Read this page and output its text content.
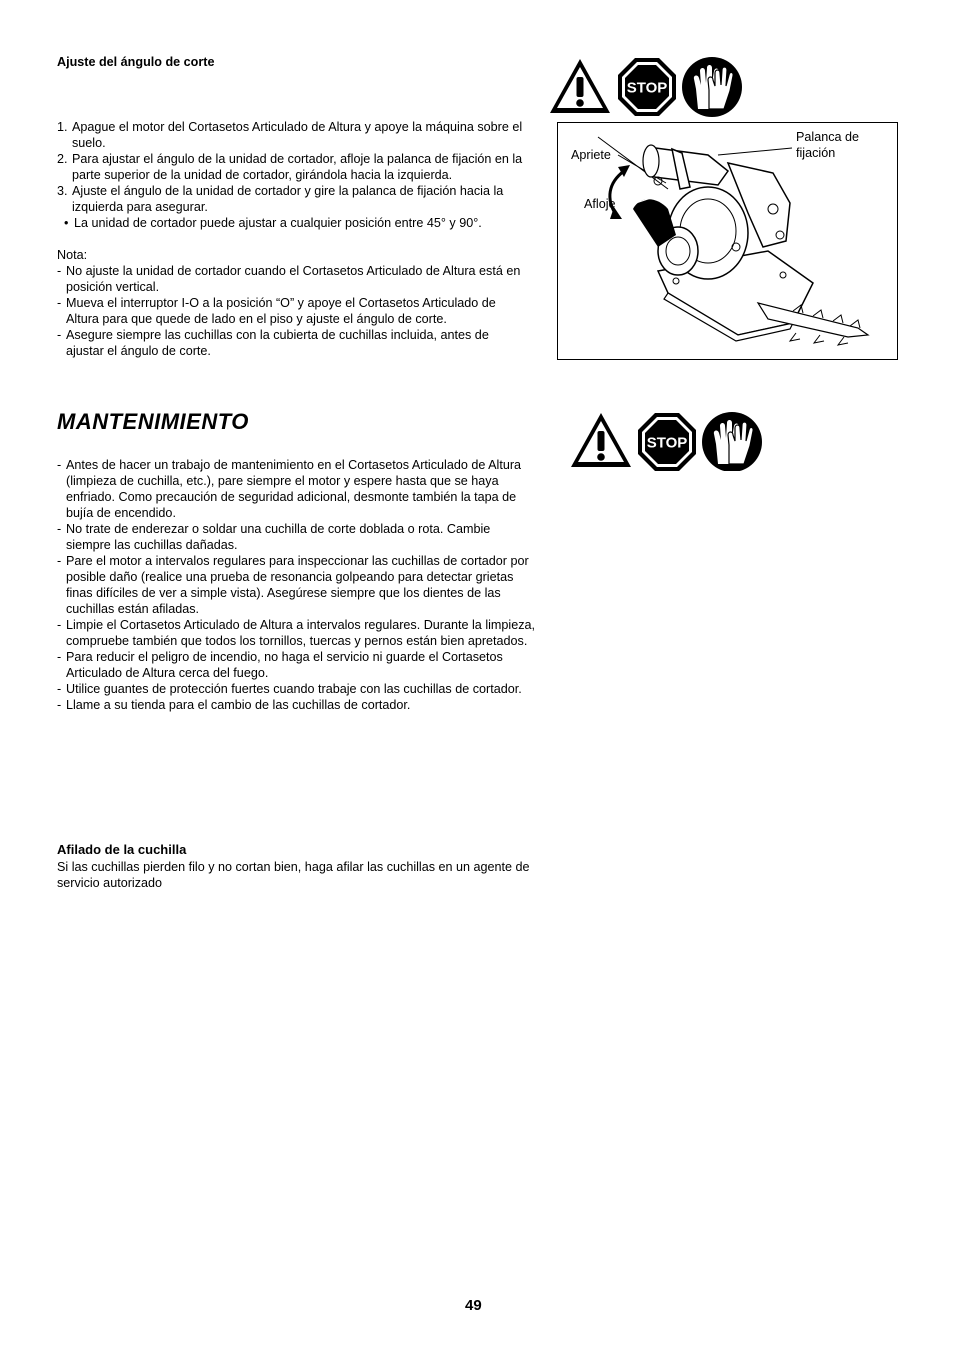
Ajuste del ángulo de corte
1. Apague el motor del Cortasetos Articulado de Altura y apoye la máquina sobre el suelo.
2. Para ajustar el ángulo de la unidad de cortador, afloje la palanca de fijación en la parte superior de la unidad de cortador, girándola hacia la izquierda.
3. Ajuste el ángulo de la unidad de cortador y gire la palanca de fijación hacia la izquierda para asegurar.
• La unidad de cortador puede ajustar a cualquier posición entre 45° y 90°.
Nota:
- No ajuste la unidad de cortador cuando el Cortasetos Articulado de Altura está en posición vertical.
- Mueva el interruptor I-O a la posición “O” y apoye el Cortasetos Articulado de Altura para que quede de lado en el piso y ajuste el ángulo de corte.
- Asegure siempre las cuchillas con la cubierta de cuchillas incluida, antes de ajustar el ángulo de corte.
STOP
Apriete
Afloje
Palanca de
fijación
MANTENIMIENTO
STOP
- Antes de hacer un trabajo de mantenimiento en el Cortasetos Articulado de Altura (limpieza de cuchilla, etc.), pare siempre el motor y espere hasta que se haya enfriado. Como precaución de seguridad adicional, desmonte también la tapa de bujía de encendido.
- No trate de enderezar o soldar una cuchilla de corte doblada o rota. Cambie siempre las cuchillas dañadas.
- Pare el motor a intervalos regulares para inspeccionar las cuchillas de cortador por posible daño (realice una prueba de resonancia golpeando para detectar grietas finas difíciles de ver a simple vista). Asegúrese siempre que los dientes de las cuchillas están afiladas.
- Limpie el Cortasetos Articulado de Altura a intervalos regulares. Durante la limpieza, compruebe también que todos los tornillos, tuercas y pernos están bien apretados.
- Para reducir el peligro de incendio, no haga el servicio ni guarde el Cortasetos Articulado de Altura cerca del fuego.
- Utilice guantes de protección fuertes cuando trabaje con las cuchillas de cortador.
- Llame a su tienda para el cambio de las cuchillas de cortador.
Afilado de la cuchilla
Si las cuchillas pierden filo y no cortan bien, haga afilar las cuchillas en un agente de servicio autorizado
49
